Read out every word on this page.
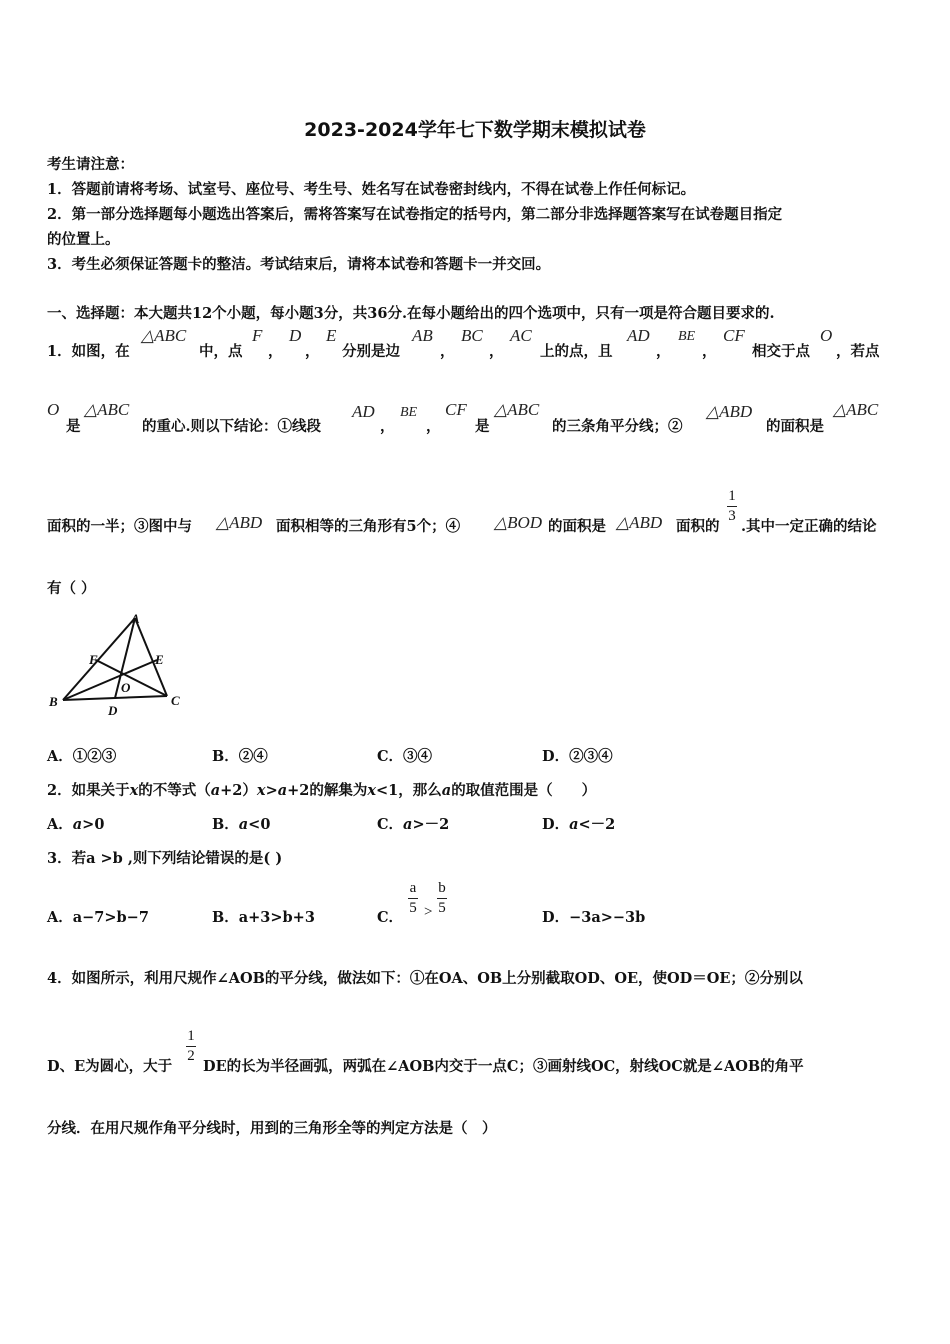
2023-2024学年七下数学期末模拟试卷
考生请注意：
1．答题前请将考场、试室号、座位号、考生号、姓名写在试卷密封线内，不得在试卷上作任何标记。
2．第一部分选择题每小题选出答案后，需将答案写在试卷指定的括号内，第二部分非选择题答案写在试卷题目指定
的位置上。
3．考生必须保证答题卡的整洁。考试结束后，请将本试卷和答题卡一并交回。
一、选择题：本大题共12个小题，每小题3分，共36分.在每小题给出的四个选项中，只有一项是符合题目要求的.
1．如图，在
△ABC
中，点
F
，
D
，
E
分别是边
AB
，
BC
，
AC
上的点，且
AD
，
BE
，
CF
相交于点
O
，若点
O
是
△ABC
的重心.则以下结论：①线段
AD
，
BE
，
CF
是
△ABC
的三条角平分线；②
△ABD
的面积是
△ABC
面积的一半；③图中与 △ABD 面积相等的三角形有5个；④ △BOD 的面积是 △ABD 面积的
1
3
.其中一定正确的结论
有（ ）
A
F	E
O
B
D
C
A．①②③	B．②④	C．③④	D．②③④
2．如果关于x的不等式（a+2）x>a+2的解集为x<1，那么a的取值范围是（　　）
A．a>0	B．a<0	C．a>－2	D．a<－2
3．若a >b ,则下列结论错误的是( )
A．a−7>b−7	B．a+3>b+3	C．
a
5 >
b
5
D．−3a>−3b
4．如图所示，利用尺规作∠AOB的平分线，做法如下：①在OA、OB上分别截取OD、OE，使OD＝OE；②分别以
D、E为圆心，大于
1
2
DE的长为半径画弧，两弧在∠AOB内交于一点C；③画射线OC，射线OC就是∠AOB的角平
分线．在用尺规作角平分线时，用到的三角形全等的判定方法是（　）
